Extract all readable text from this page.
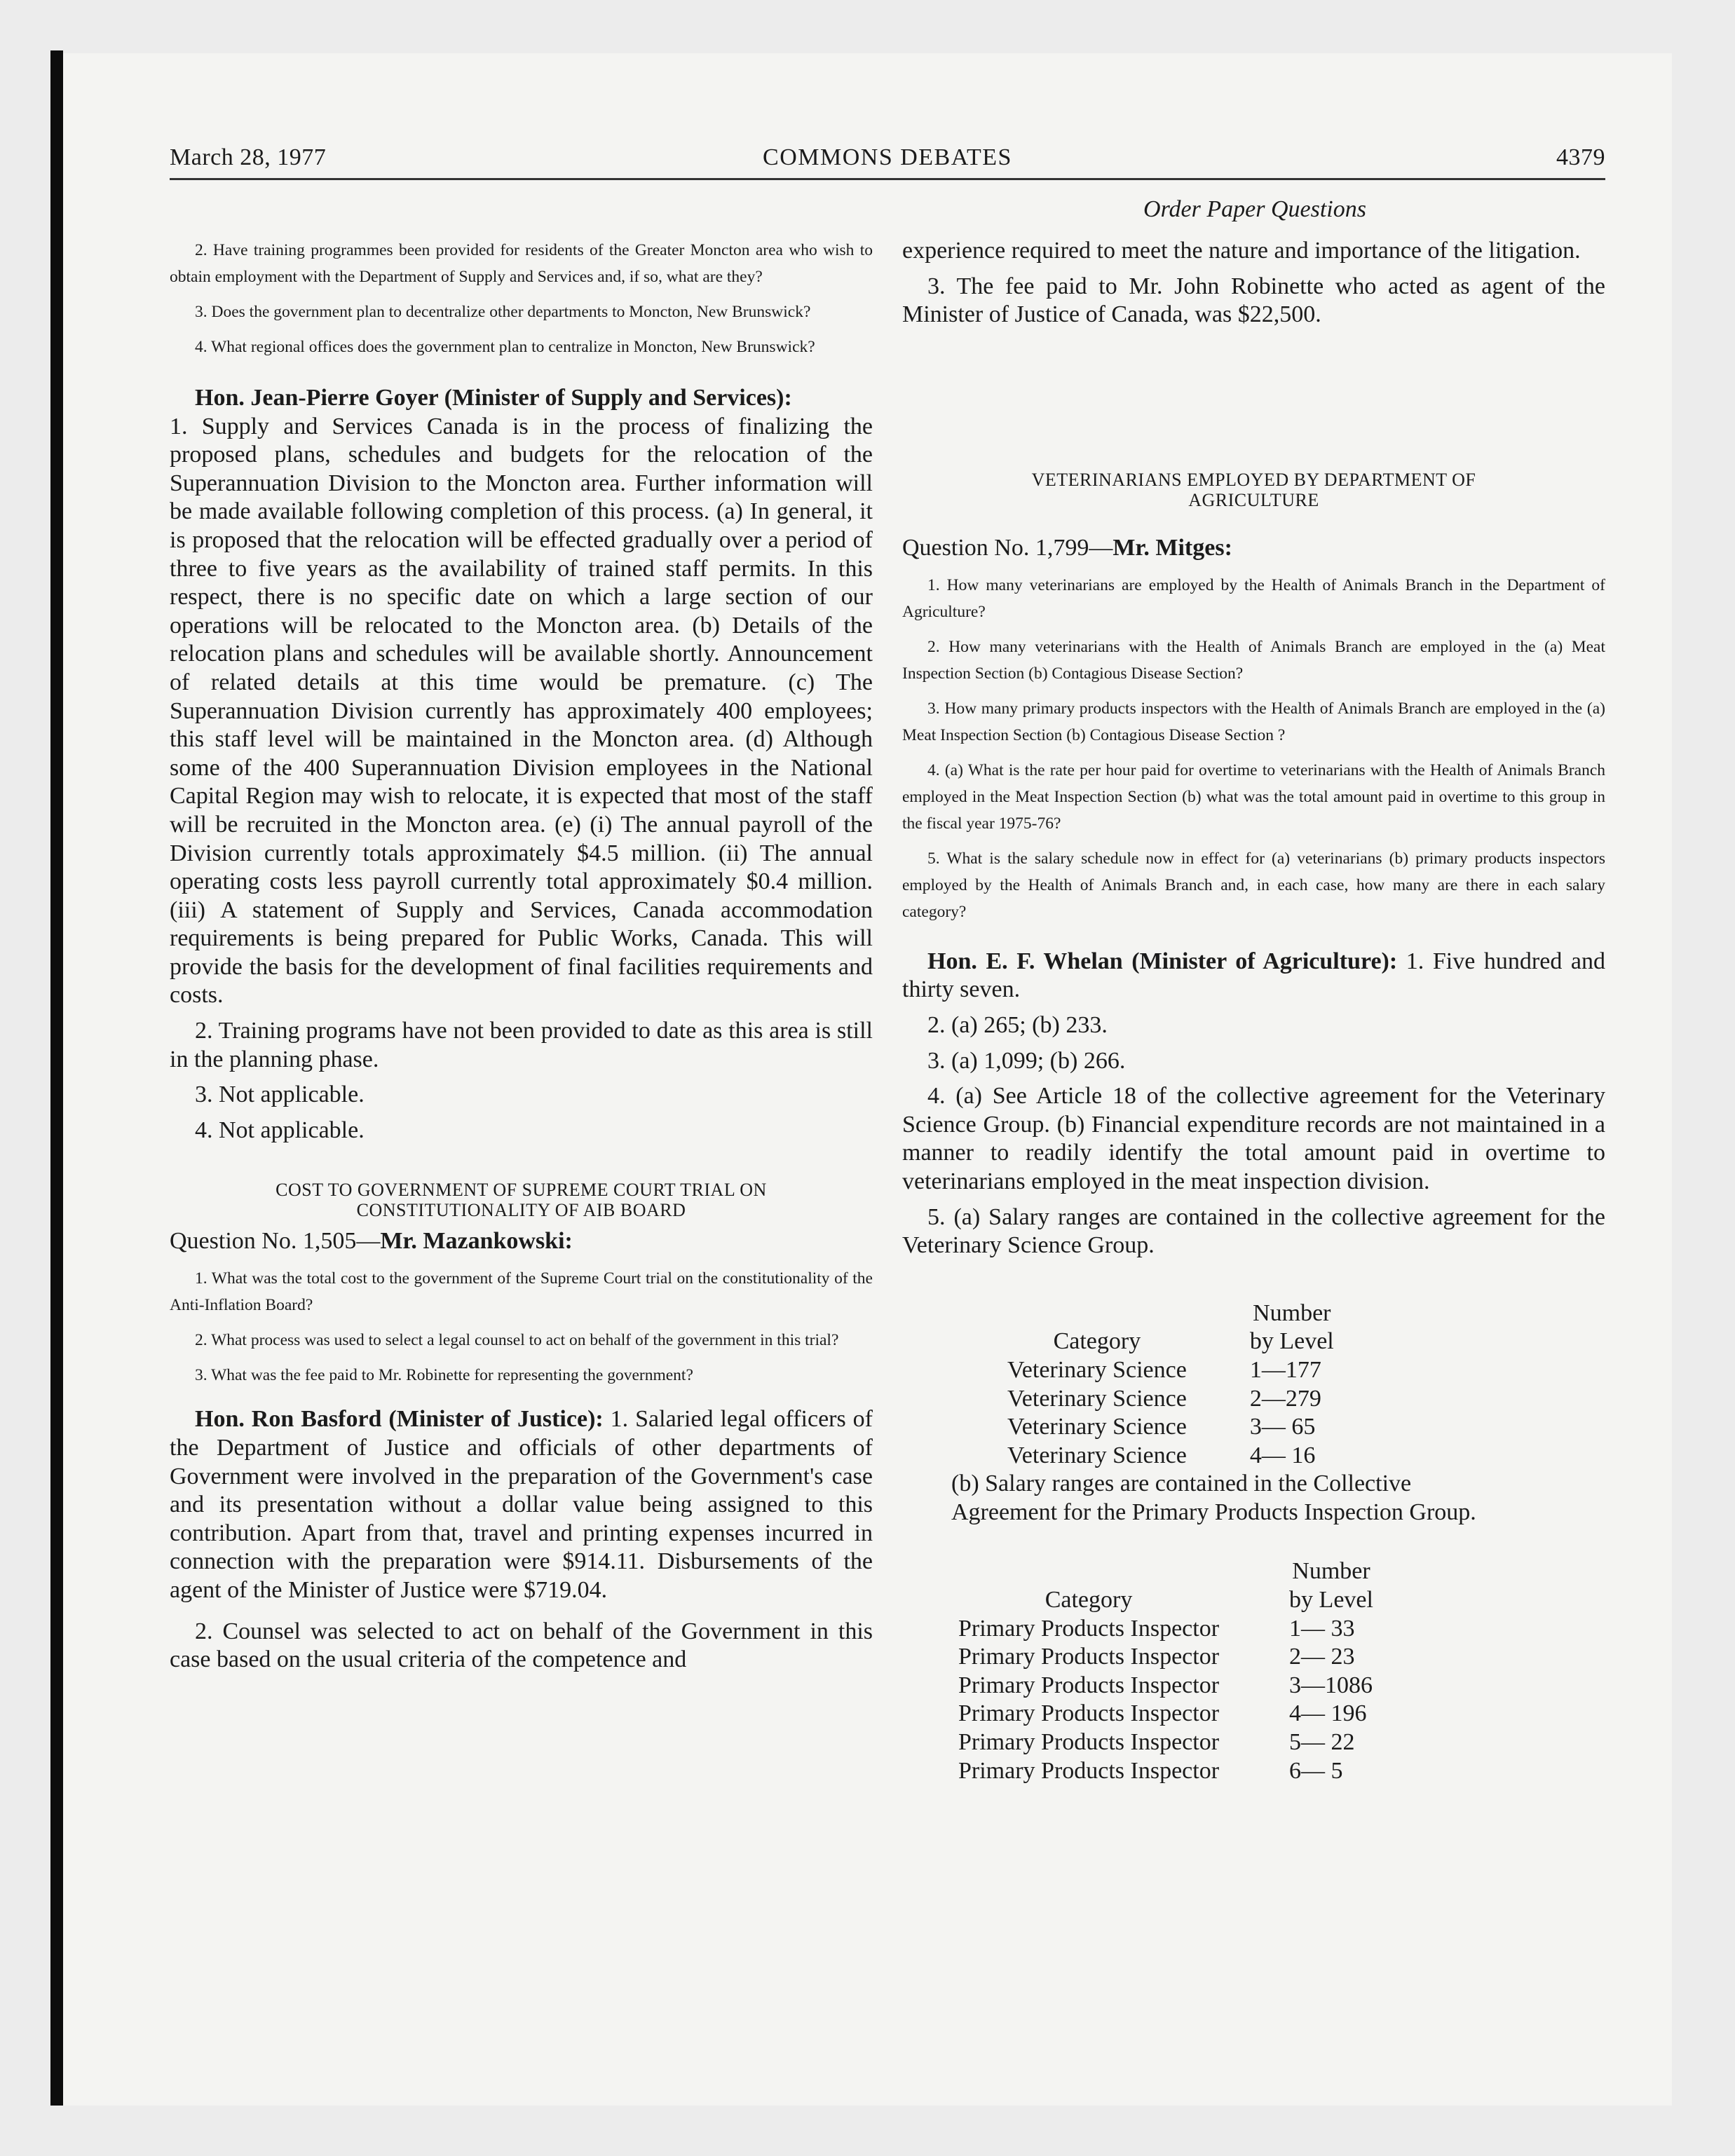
March 28, 1977	COMMONS DEBATES	4379
Order Paper Questions

2. Have training programmes been provided for residents of the Greater Moncton area who wish to obtain employment with the Department of Supply and Services and, if so, what are they?

3. Does the government plan to decentralize other departments to Moncton, New Brunswick?

4. What regional offices does the government plan to centralize in Moncton, New Brunswick?

Hon. Jean-Pierre Goyer (Minister of Supply and Services):
1. Supply and Services Canada is in the process of finalizing the proposed plans, schedules and budgets for the relocation of the Superannuation Division to the Moncton area. Further information will be made available following completion of this process. (a) In general, it is proposed that the relocation will be effected gradually over a period of three to five years as the availability of trained staff permits. In this respect, there is no specific date on which a large section of our operations will be relocated to the Moncton area. (b) Details of the relocation plans and schedules will be available shortly. Announcement of related details at this time would be premature. (c) The Superannuation Division currently has approximately 400 employees; this staff level will be maintained in the Moncton area. (d) Although some of the 400 Superannuation Division employees in the National Capital Region may wish to relocate, it is expected that most of the staff will be recruited in the Moncton area. (e) (i) The annual payroll of the Division currently totals approximately $4.5 million. (ii) The annual operating costs less payroll currently total approximately $0.4 million. (iii) A statement of Supply and Services, Canada accommodation requirements is being prepared for Public Works, Canada. This will provide the basis for the development of final facilities requirements and costs.

2. Training programs have not been provided to date as this area is still in the planning phase.

3. Not applicable.

4. Not applicable.

COST TO GOVERNMENT OF SUPREME COURT TRIAL ON
CONSTITUTIONALITY OF AIB BOARD

Question No. 1,505—Mr. Mazankowski:

1. What was the total cost to the government of the Supreme Court trial on the constitutionality of the Anti-Inflation Board?

2. What process was used to select a legal counsel to act on behalf of the government in this trial?

3. What was the fee paid to Mr. Robinette for representing the government?

Hon. Ron Basford (Minister of Justice): 1. Salaried legal officers of the Department of Justice and officials of other departments of Government were involved in the preparation of the Government's case and its presentation without a dollar value being assigned to this contribution. Apart from that, travel and printing expenses incurred in connection with the preparation were $914.11. Disbursements of the agent of the Minister of Justice were $719.04.

2. Counsel was selected to act on behalf of the Government in this case based on the usual criteria of the competence and

experience required to meet the nature and importance of the litigation.

3. The fee paid to Mr. John Robinette who acted as agent of the Minister of Justice of Canada, was $22,500.

VETERINARIANS EMPLOYED BY DEPARTMENT OF
AGRICULTURE

Question No. 1,799—Mr. Mitges:

1. How many veterinarians are employed by the Health of Animals Branch in the Department of Agriculture?

2. How many veterinarians with the Health of Animals Branch are employed in the (a) Meat Inspection Section (b) Contagious Disease Section?

3. How many primary products inspectors with the Health of Animals Branch are employed in the (a) Meat Inspection Section (b) Contagious Disease Section ?

4. (a) What is the rate per hour paid for overtime to veterinarians with the Health of Animals Branch employed in the Meat Inspection Section (b) what was the total amount paid in overtime to this group in the fiscal year 1975-76?

5. What is the salary schedule now in effect for (a) veterinarians (b) primary products inspectors employed by the Health of Animals Branch and, in each case, how many are there in each salary category?

Hon. E. F. Whelan (Minister of Agriculture): 1. Five hundred and thirty seven.

2. (a) 265; (b) 233.

3. (a) 1,099; (b) 266.

4. (a) See Article 18 of the collective agreement for the Veterinary Science Group. (b) Financial expenditure records are not maintained in a manner to readily identify the total amount paid in overtime to veterinarians employed in the meat inspection division.

5. (a) Salary ranges are contained in the collective agreement for the Veterinary Science Group.

Category	Number
by Level

Veterinary Science	1—177
Veterinary Science	2—279
Veterinary Science	3— 65
Veterinary Science	4— 16
(b) Salary ranges are contained in the Collective
Agreement for the Primary Products Inspection Group.
Category	Number
by Level

Primary Products Inspector	1— 33
Primary Products Inspector	2— 23
Primary Products Inspector	3—1086
Primary Products Inspector	4— 196
Primary Products Inspector	5— 22
Primary Products Inspector	6— 5
